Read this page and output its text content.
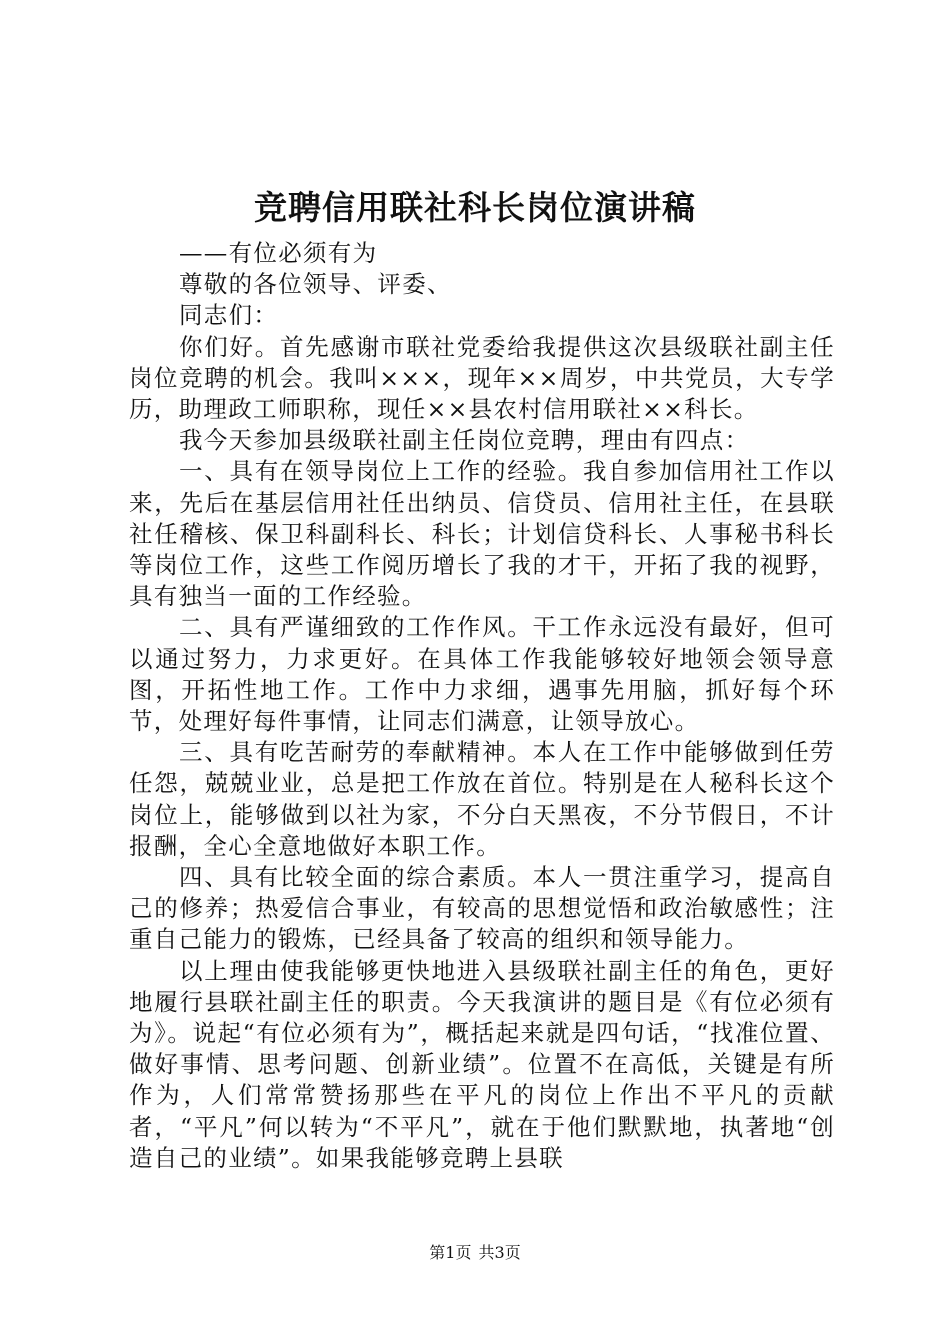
竞聘信用联社科长岗位演讲稿

——有位必须有为

尊敬的各位领导、评委、

同志们：

你们好。首先感谢市联社党委给我提供这次县级联社副主任岗位竞聘的机会。我叫×××，现年××周岁，中共党员，大专学历，助理政工师职称，现任××县农村信用联社××科长。

我今天参加县级联社副主任岗位竞聘，理由有四点：

一、具有在领导岗位上工作的经验。我自参加信用社工作以来，先后在基层信用社任出纳员、信贷员、信用社主任，在县联社任稽核、保卫科副科长、科长；计划信贷科长、人事秘书科长等岗位工作，这些工作阅历增长了我的才干，开拓了我的视野，具有独当一面的工作经验。

二、具有严谨细致的工作作风。干工作永远没有最好，但可以通过努力，力求更好。在具体工作我能够较好地领会领导意图，开拓性地工作。工作中力求细，遇事先用脑，抓好每个环节，处理好每件事情，让同志们满意，让领导放心。

三、具有吃苦耐劳的奉献精神。本人在工作中能够做到任劳任怨，兢兢业业，总是把工作放在首位。特别是在人秘科长这个岗位上，能够做到以社为家，不分白天黑夜，不分节假日，不计报酬，全心全意地做好本职工作。

四、具有比较全面的综合素质。本人一贯注重学习，提高自己的修养；热爱信合事业，有较高的思想觉悟和政治敏感性；注重自己能力的锻炼，已经具备了较高的组织和领导能力。

以上理由使我能够更快地进入县级联社副主任的角色，更好地履行县联社副主任的职责。今天我演讲的题目是《有位必须有为》。说起“有位必须有为”，概括起来就是四句话，“找准位置、做好事情、思考问题、创新业绩”。位置不在高低，关键是有所作为，人们常常赞扬那些在平凡的岗位上作出不平凡的贡献者，“平凡”何以转为“不平凡”，就在于他们默默地，执著地“创造自己的业绩”。如果我能够竞聘上县联

第1页 共3页
